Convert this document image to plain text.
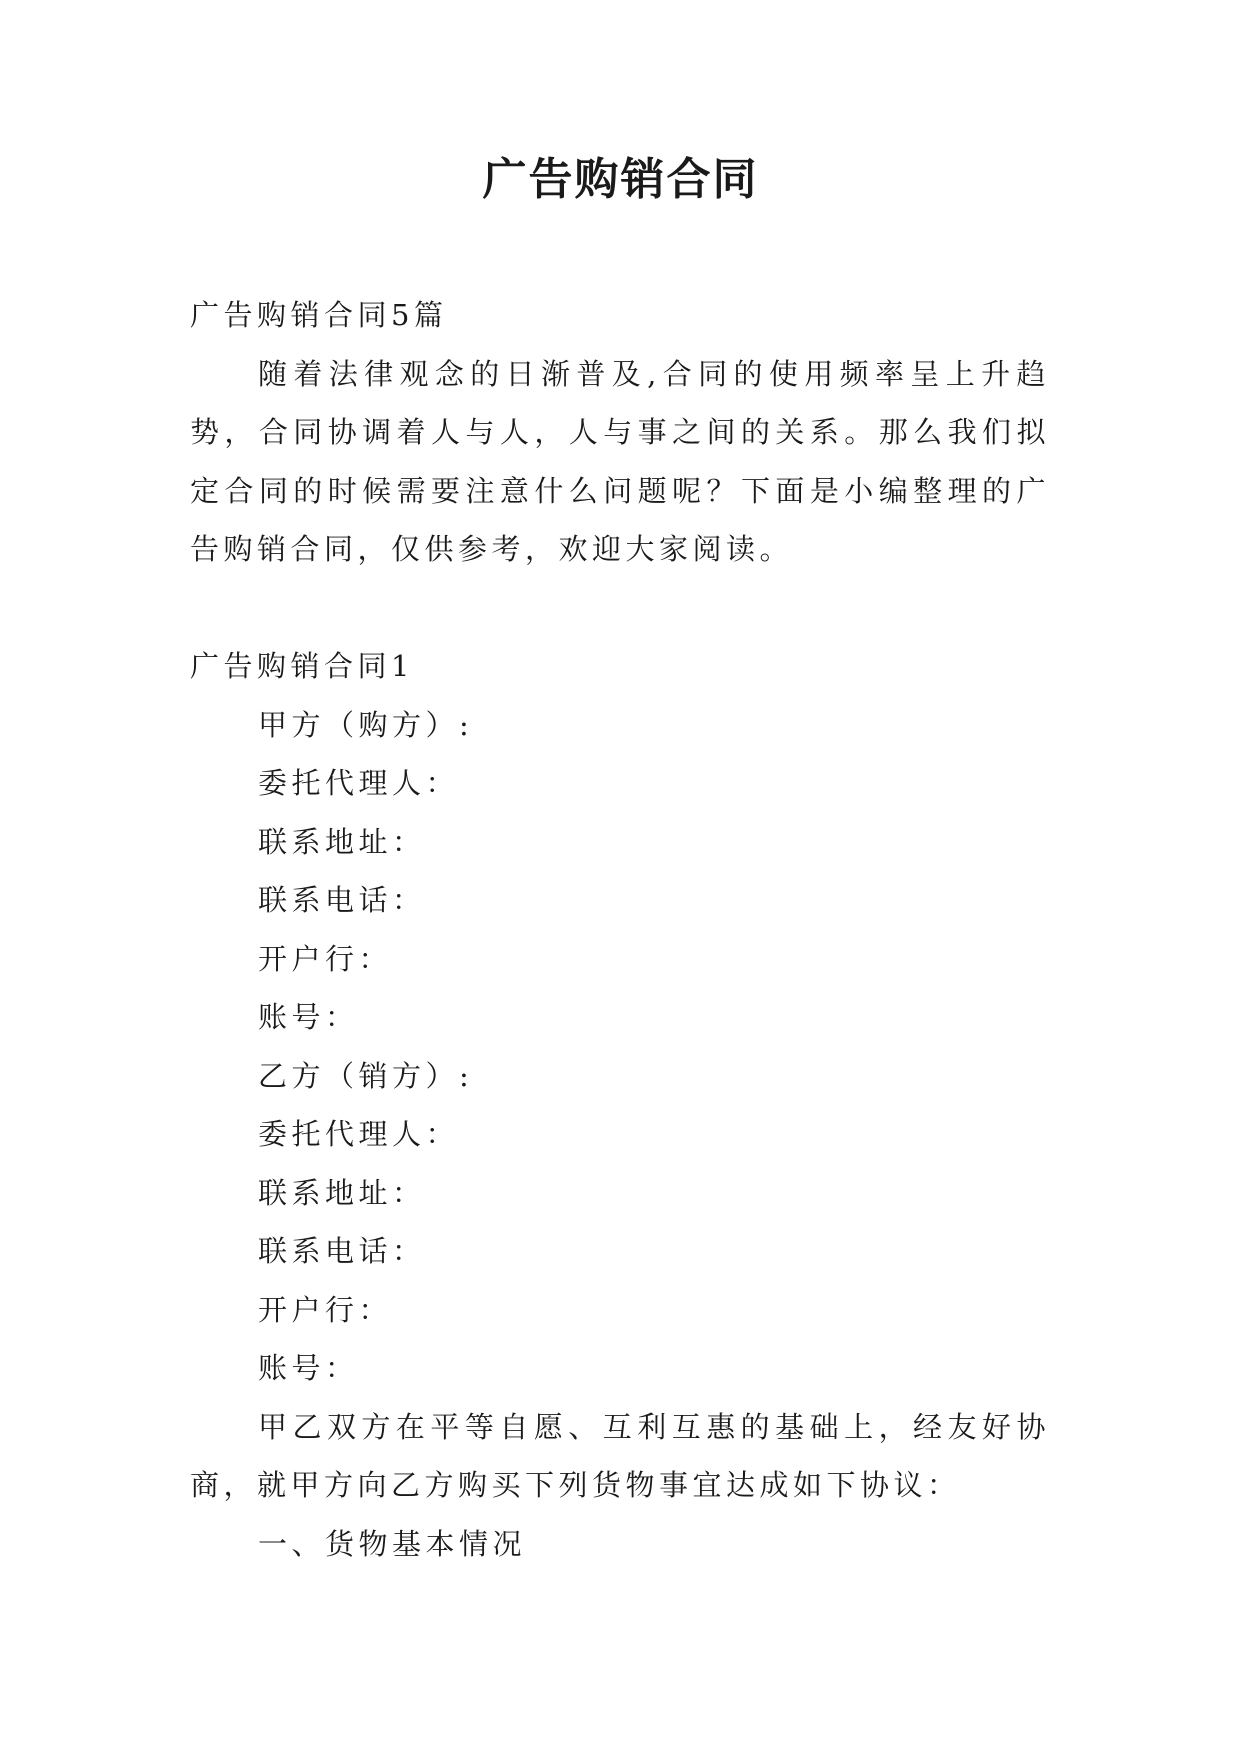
广告购销合同

广告购销合同5篇

随着法律观念的日渐普及,合同的使用频率呈上升趋势，合同协调着人与人，人与事之间的关系。那么我们拟定合同的时候需要注意什么问题呢？下面是小编整理的广告购销合同，仅供参考，欢迎大家阅读。

广告购销合同1

甲方（购方）:

委托代理人：

联系地址：

联系电话：

开户行：

账号：

乙方（销方）:

委托代理人：

联系地址：

联系电话：

开户行：

账号：

甲乙双方在平等自愿、互利互惠的基础上，经友好协商，就甲方向乙方购买下列货物事宜达成如下协议：

一、货物基本情况
